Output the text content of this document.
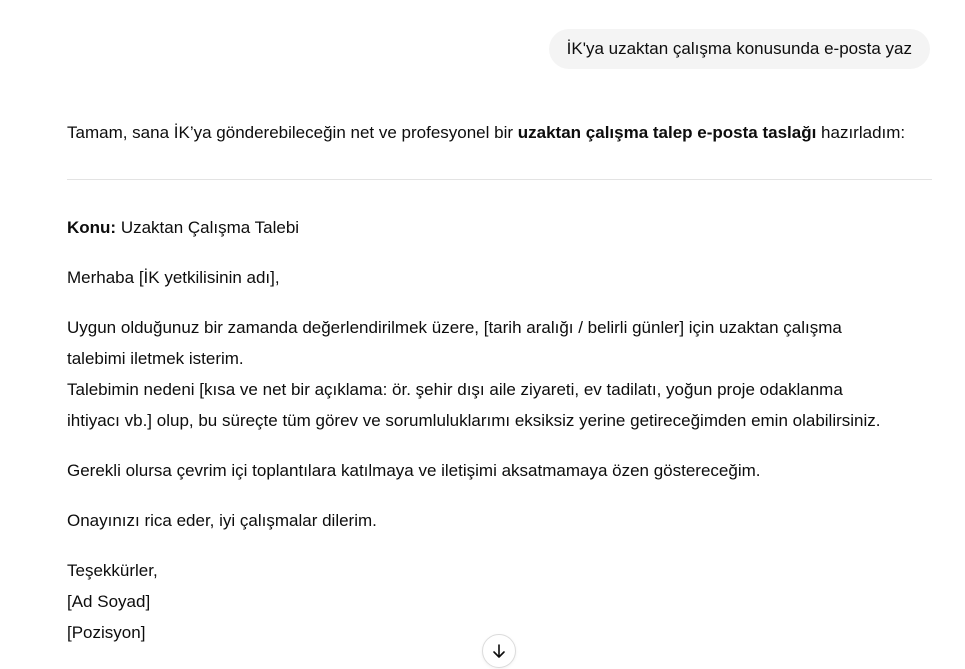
İK'ya uzaktan çalışma konusunda e-posta yaz

Tamam, sana İK’ya gönderebileceğin net ve profesyonel bir uzaktan çalışma talep e-posta taslağı hazırladım:

Konu: Uzaktan Çalışma Talebi

Merhaba [İK yetkilisinin adı],

Uygun olduğunuz bir zamanda değerlendirilmek üzere, [tarih aralığı / belirli günler] için uzaktan çalışma
talebimi iletmek isterim.
Talebimin nedeni [kısa ve net bir açıklama: ör. şehir dışı aile ziyareti, ev tadilatı, yoğun proje odaklanma
ihtiyacı vb.] olup, bu süreçte tüm görev ve sorumluluklarımı eksiksiz yerine getireceğimden emin olabilirsiniz.

Gerekli olursa çevrim içi toplantılara katılmaya ve iletişimi aksatmamaya özen göstereceğim.

Onayınızı rica eder, iyi çalışmalar dilerim.

Teşekkürler,
[Ad Soyad]
[Pozisyon]
